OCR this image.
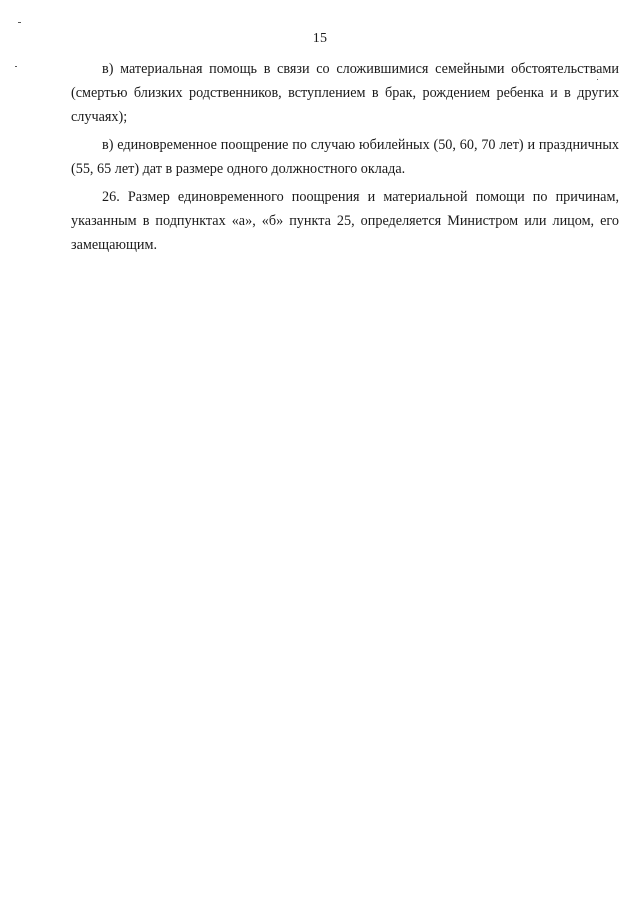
15

в) материальная помощь в связи со сложившимися семейными обстоятельствами (смертью близких родственников, вступлением в брак, рождением ребенка и в других случаях);

в) единовременное поощрение по случаю юбилейных (50, 60, 70 лет) и праздничных (55, 65 лет) дат в размере одного должностного оклада.

26. Размер единовременного поощрения и материальной помощи по причинам, указанным в подпунктах «а», «б» пункта 25, определяется Министром или лицом, его замещающим.
